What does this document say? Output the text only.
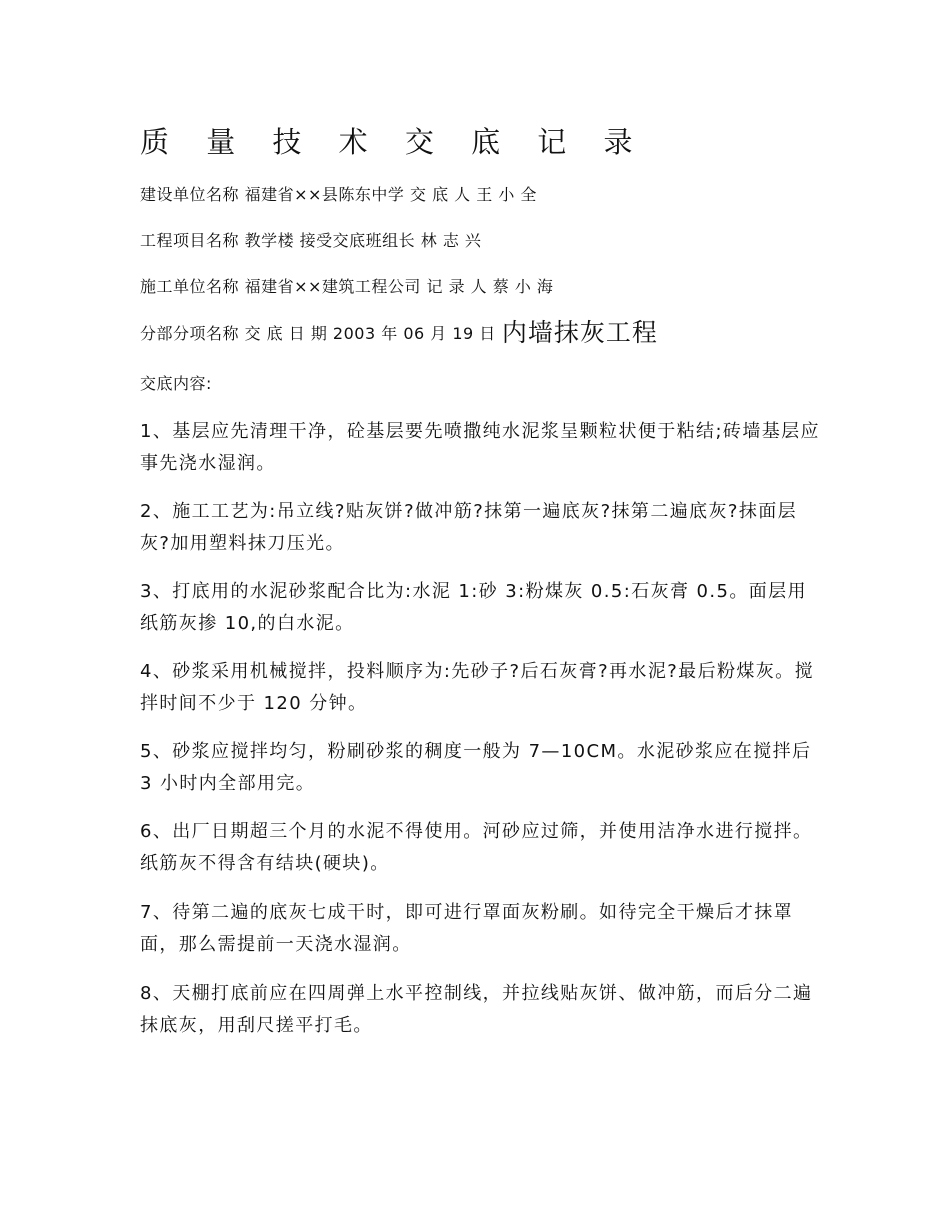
质 量 技 术 交 底 记 录
建设单位名称 福建省××县陈东中学 交 底 人 王 小 全
工程项目名称 教学楼 接受交底班组长 林 志 兴
施工单位名称 福建省××建筑工程公司 记 录 人 蔡 小 海
分部分项名称 交 底 日 期 2003 年 06 月 19 日 内墙抹灰工程
交底内容:
1、基层应先清理干净，砼基层要先喷撒纯水泥浆呈颗粒状便于粘结;砖墙基层应事先浇水湿润。
2、施工工艺为:吊立线?贴灰饼?做冲筋?抹第一遍底灰?抹第二遍底灰?抹面层灰?加用塑料抹刀压光。
3、打底用的水泥砂浆配合比为:水泥 1:砂 3:粉煤灰 0.5:石灰膏 0.5。面层用纸筋灰掺 10,的白水泥。
4、砂浆采用机械搅拌，投料顺序为:先砂子?后石灰膏?再水泥?最后粉煤灰。搅拌时间不少于 120 分钟。
5、砂浆应搅拌均匀，粉刷砂浆的稠度一般为 7—10CM。水泥砂浆应在搅拌后 3 小时内全部用完。
6、出厂日期超三个月的水泥不得使用。河砂应过筛，并使用洁净水进行搅拌。纸筋灰不得含有结块(硬块)。
7、待第二遍的底灰七成干时，即可进行罩面灰粉刷。如待完全干燥后才抹罩面，那么需提前一天浇水湿润。
8、天棚打底前应在四周弹上水平控制线，并拉线贴灰饼、做冲筋，而后分二遍抹底灰，用刮尺搓平打毛。
